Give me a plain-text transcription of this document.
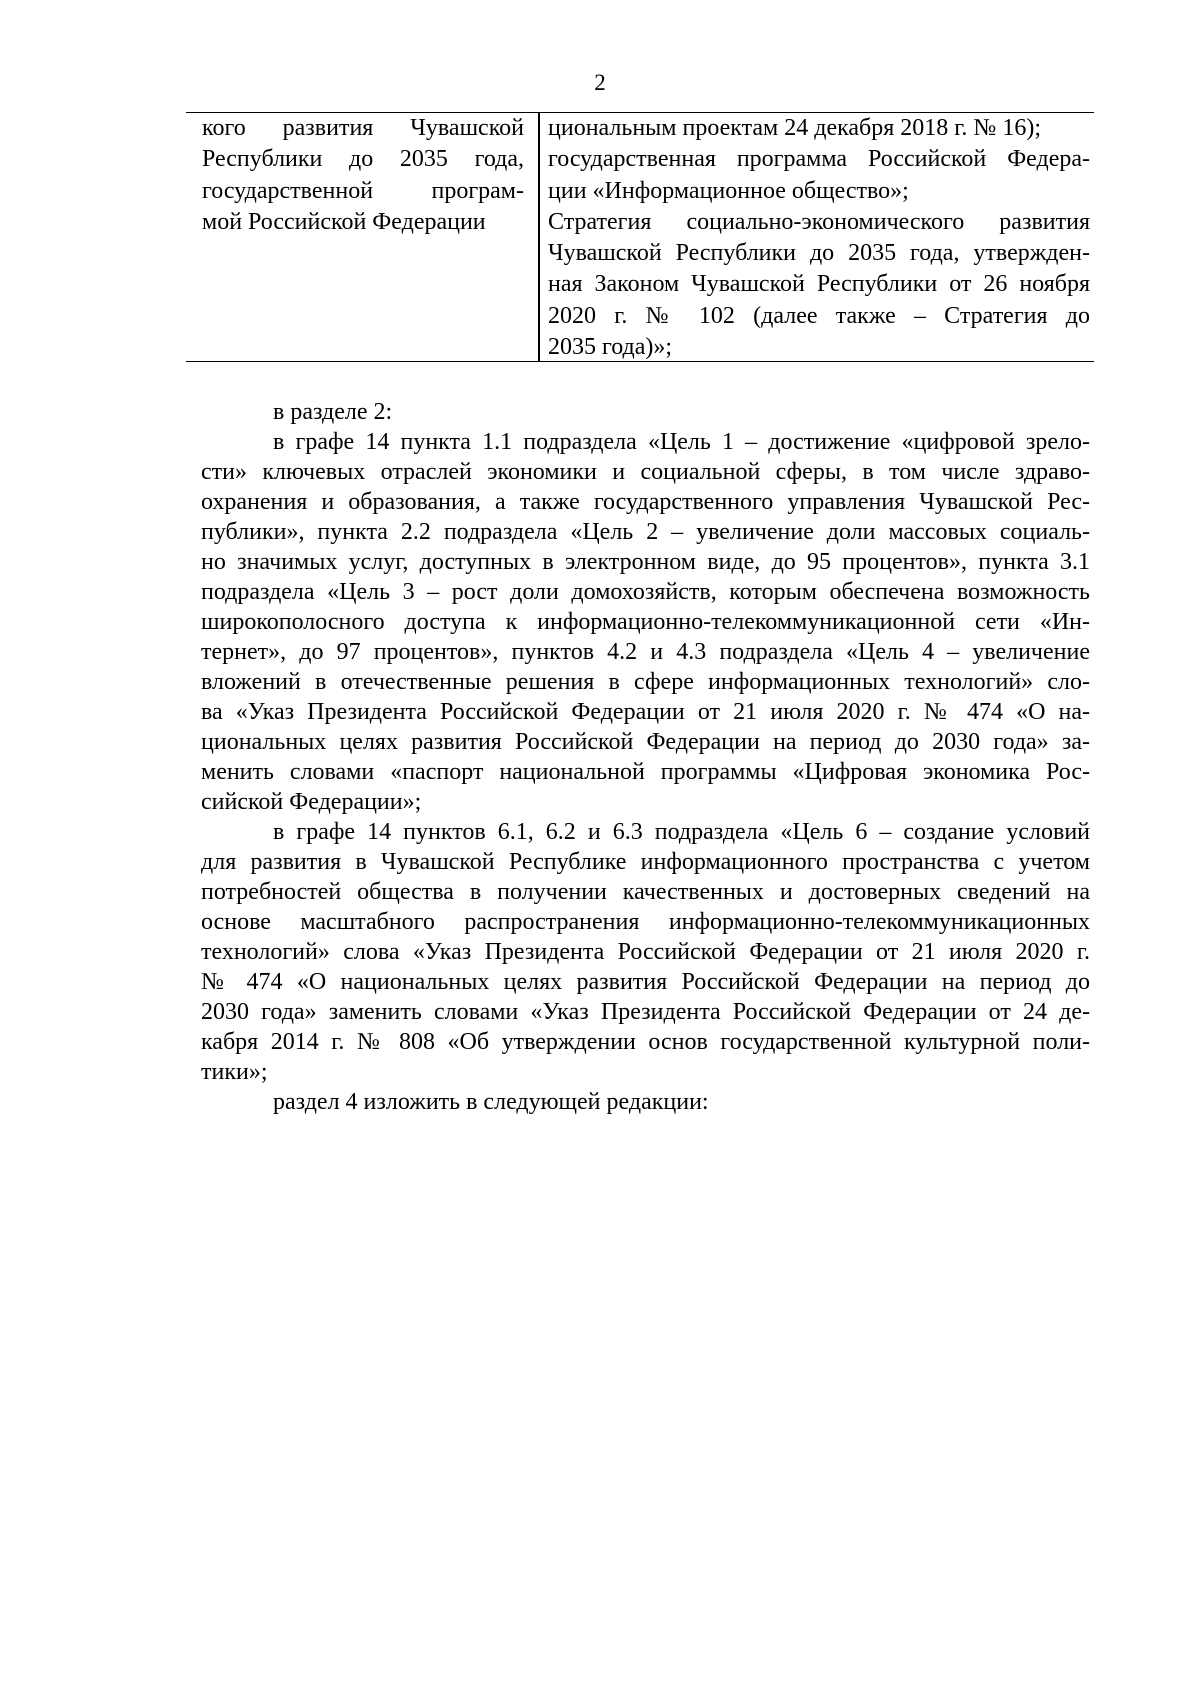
2
кого развития Чувашской
Республики до 2035 года,
государственной програм-
мой Российской Федерации
циональным проектам 24 декабря 2018 г. № 16);
государственная программа Российской Федера-
ции «Информационное общество»;
Стратегия социально-экономического развития
Чувашской Республики до 2035 года, утвержден-
ная Законом Чувашской Республики от 26 ноября
2020 г. № 102 (далее также – Стратегия до
2035 года)»;
в разделе 2:
в графе 14 пункта 1.1 подраздела «Цель 1 – достижение «цифровой зрело-
сти» ключевых отраслей экономики и социальной сферы, в том числе здраво-
охранения и образования, а также государственного управления Чувашской Рес-
публики», пункта 2.2 подраздела «Цель 2 – увеличение доли массовых социаль-
но значимых услуг, доступных в электронном виде, до 95 процентов», пункта 3.1
подраздела «Цель 3 – рост доли домохозяйств, которым обеспечена возможность
широкополосного доступа к информационно-телекоммуникационной сети «Ин-
тернет», до 97 процентов», пунктов 4.2 и 4.3 подраздела «Цель 4 – увеличение
вложений в отечественные решения в сфере информационных технологий» сло-
ва «Указ Президента Российской Федерации от 21 июля 2020 г. № 474 «О на-
циональных целях развития Российской Федерации на период до 2030 года» за-
менить словами «паспорт национальной программы «Цифровая экономика Рос-
сийской Федерации»;
в графе 14 пунктов 6.1, 6.2 и 6.3 подраздела «Цель 6 – создание условий
для развития в Чувашской Республике информационного пространства с учетом
потребностей общества в получении качественных и достоверных сведений на
основе масштабного распространения информационно-телекоммуникационных
технологий» слова «Указ Президента Российской Федерации от 21 июля 2020 г.
№ 474 «О национальных целях развития Российской Федерации на период до
2030 года» заменить словами «Указ Президента Российской Федерации от 24 де-
кабря 2014 г. № 808 «Об утверждении основ государственной культурной поли-
тики»;
раздел 4 изложить в следующей редакции:
